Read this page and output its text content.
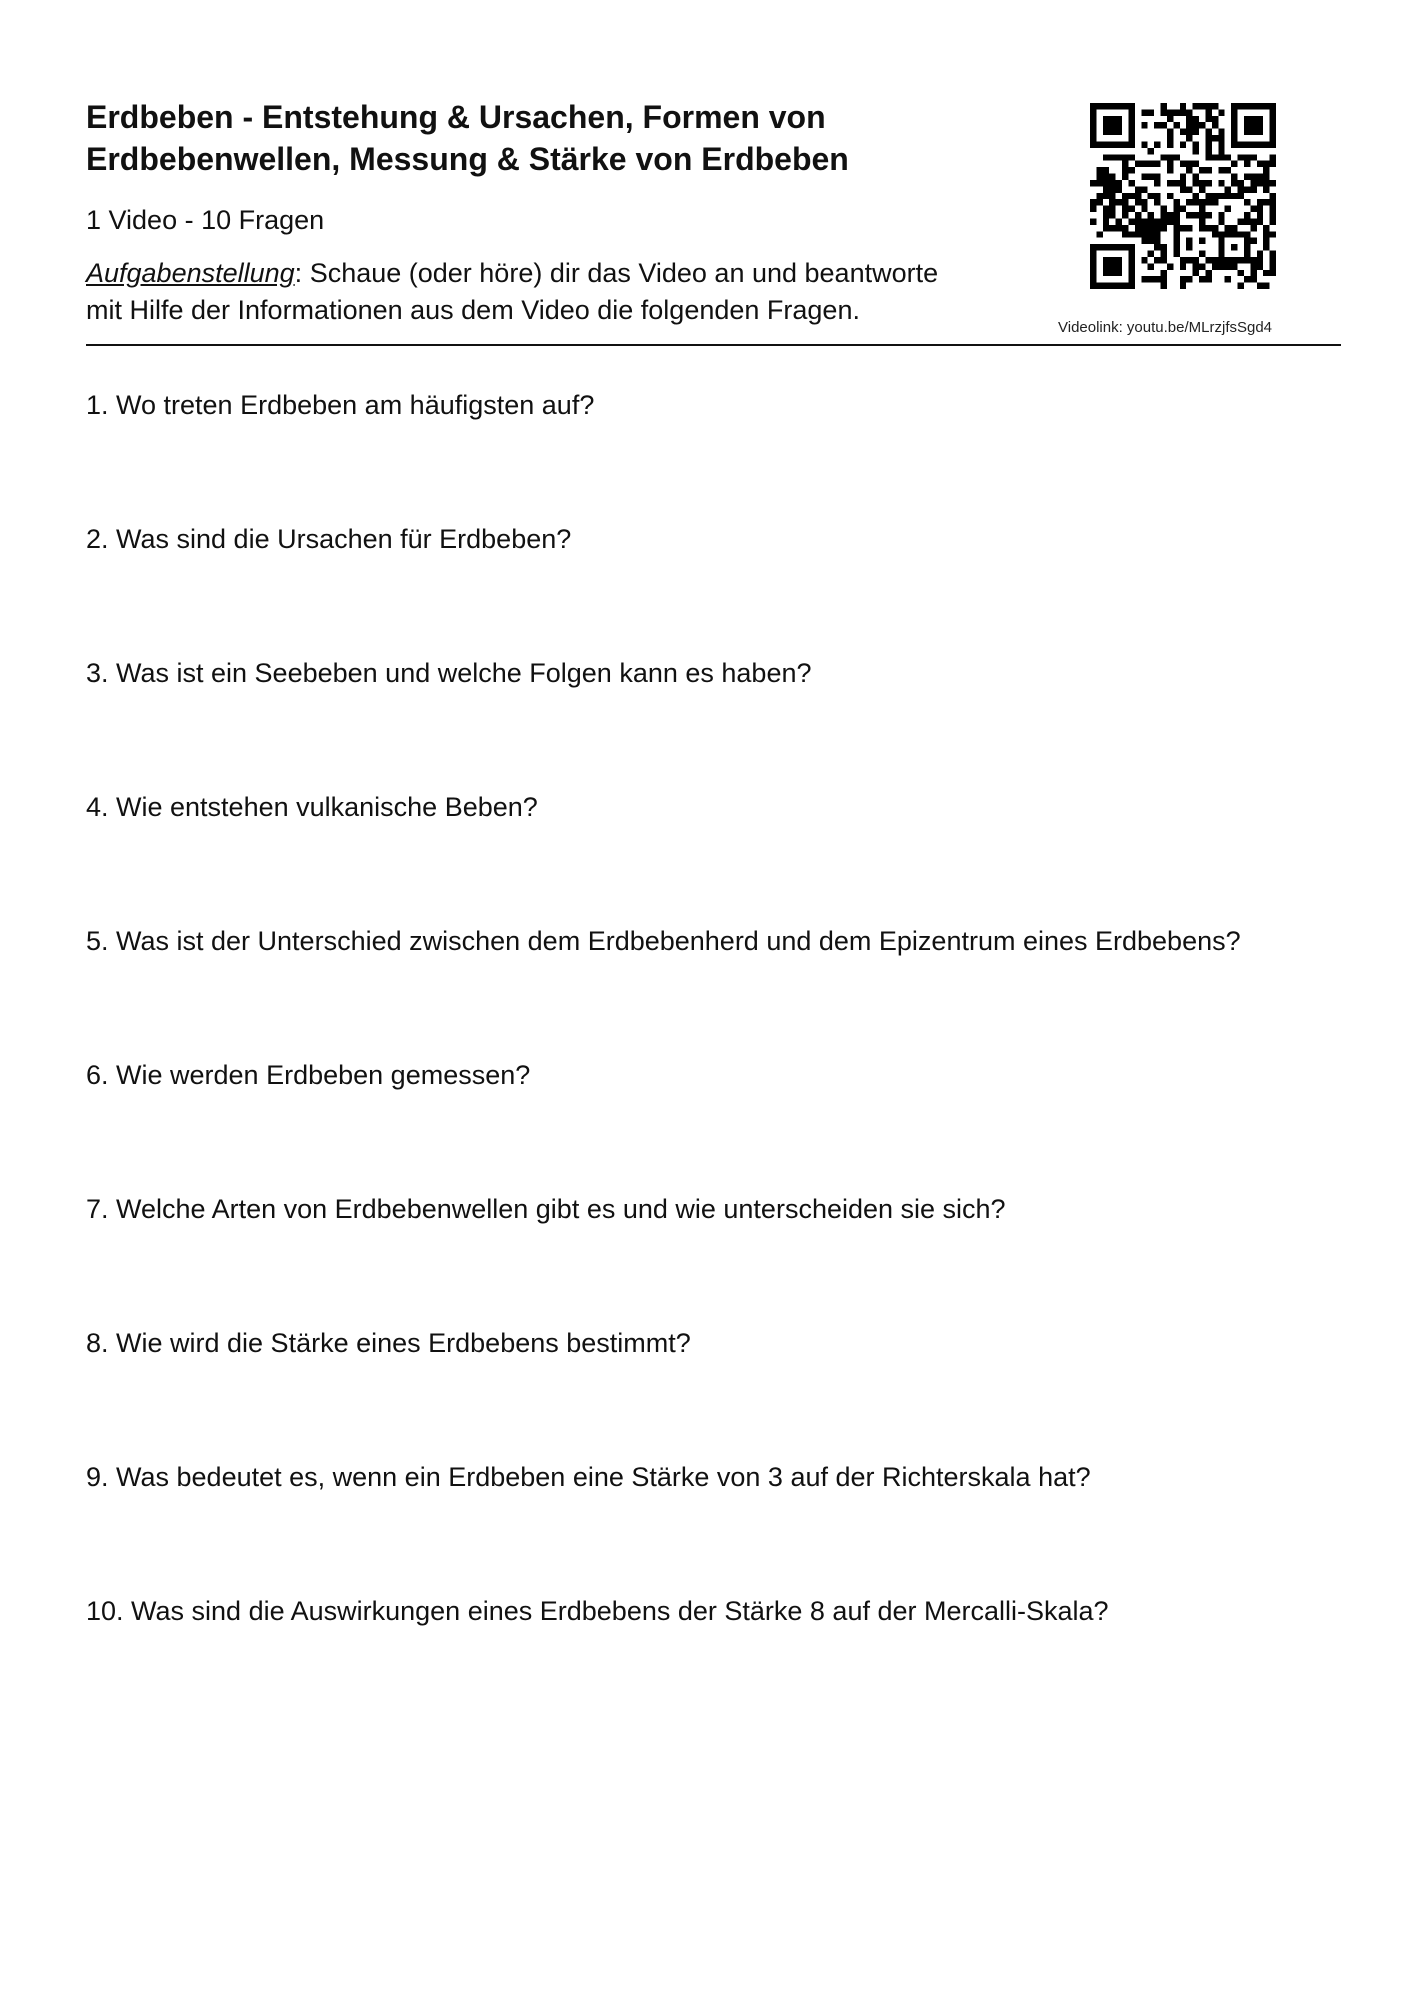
Erdbeben - Entstehung & Ursachen, Formen von
Erdbebenwellen, Messung & Stärke von Erdbeben

1 Video - 10 Fragen

Aufgabenstellung: Schaue (oder höre) dir das Video an und beantworte
mit Hilfe der Informationen aus dem Video die folgenden Fragen.

Videolink: youtu.be/MLrzjfsSgd4
1. Wo treten Erdbeben am häufigsten auf?
2. Was sind die Ursachen für Erdbeben?
3. Was ist ein Seebeben und welche Folgen kann es haben?
4. Wie entstehen vulkanische Beben?
5. Was ist der Unterschied zwischen dem Erdbebenherd und dem Epizentrum eines Erdbebens?
6. Wie werden Erdbeben gemessen?
7. Welche Arten von Erdbebenwellen gibt es und wie unterscheiden sie sich?
8. Wie wird die Stärke eines Erdbebens bestimmt?
9. Was bedeutet es, wenn ein Erdbeben eine Stärke von 3 auf der Richterskala hat?
10. Was sind die Auswirkungen eines Erdbebens der Stärke 8 auf der Mercalli-Skala?
